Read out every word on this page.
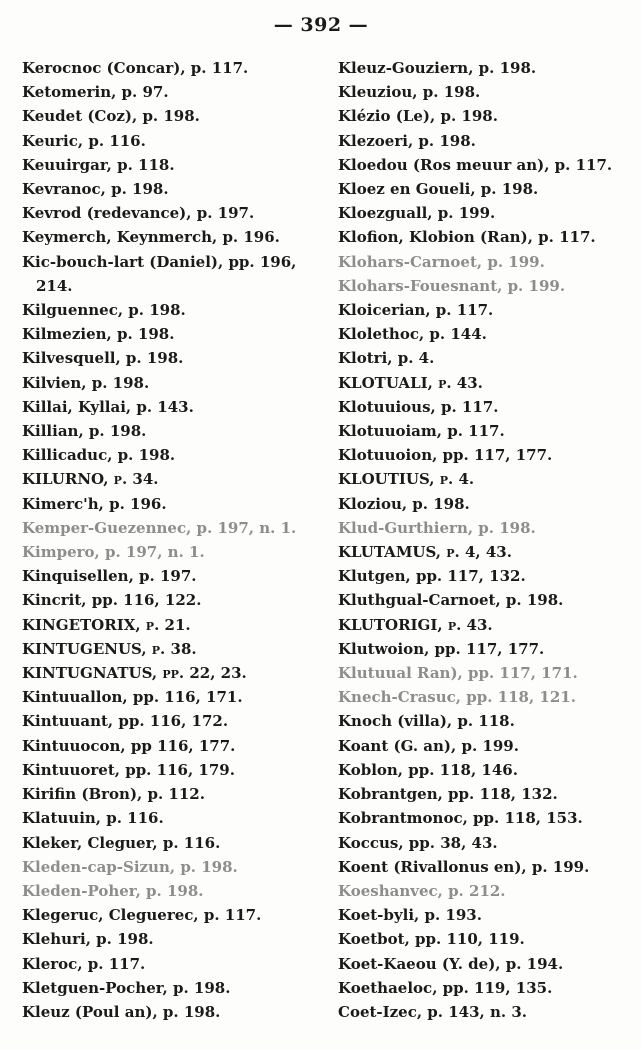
— 392 —
Kerocnoc (Concar), p. 117.
Ketomerin, p. 97.
Keudet (Coz), p. 198.
Keuric, p. 116.
Keuuirgar, p. 118.
Kevranoc, p. 198.
Kevrod (redevance), p. 197.
Keymerch, Keynmerch, p. 196.
Kic-bouch-lart (Daniel), pp. 196,
214.
Kilguennec, p. 198.
Kilmezien, p. 198.
Kilvesquell, p. 198.
Kilvien, p. 198.
Killai, Kyllai, p. 143.
Killian, p. 198.
Killicaduc, p. 198.
KILURNO, p. 34.
Kimerc'h, p. 196.
Kemper-Guezennec, p. 197, n. 1.
Kimpero, p. 197, n. 1.
Kinquisellen, p. 197.
Kincrit, pp. 116, 122.
KINGETORIX, p. 21.
KINTUGENUS, p. 38.
KINTUGNATUS, pp. 22, 23.
Kintuuallon, pp. 116, 171.
Kintuuant, pp. 116, 172.
Kintuuocon, pp 116, 177.
Kintuuoret, pp. 116, 179.
Kirifin (Bron), p. 112.
Klatuuin, p. 116.
Kleker, Cleguer, p. 116.
Kleden-cap-Sizun, p. 198.
Kleden-Poher, p. 198.
Klegeruc, Cleguerec, p. 117.
Klehuri, p. 198.
Kleroc, p. 117.
Kletguen-Pocher, p. 198.
Kleuz (Poul an), p. 198.
Kleuz-Gouziern, p. 198.
Kleuziou, p. 198.
Klézio (Le), p. 198.
Klezoeri, p. 198.
Kloedou (Ros meuur an), p. 117.
Kloez en Goueli, p. 198.
Kloezguall, p. 199.
Klofion, Klobion (Ran), p. 117.
Klohars-Carnoet, p. 199.
Klohars-Fouesnant, p. 199.
Kloicerian, p. 117.
Klolethoc, p. 144.
Klotri, p. 4.
KLOTUALI, p. 43.
Klotuuious, p. 117.
Klotuuoiam, p. 117.
Klotuuoion, pp. 117, 177.
KLOUTIUS, p. 4.
Kloziou, p. 198.
Klud-Gurthiern, p. 198.
KLUTAMUS, p. 4, 43.
Klutgen, pp. 117, 132.
Kluthgual-Carnoet, p. 198.
KLUTORIGI, p. 43.
Klutwoion, pp. 117, 177.
Klutuual Ran), pp. 117, 171.
Knech-Crasuc, pp. 118, 121.
Knoch (villa), p. 118.
Koant (G. an), p. 199.
Koblon, pp. 118, 146.
Kobrantgen, pp. 118, 132.
Kobrantmonoc, pp. 118, 153.
Koccus, pp. 38, 43.
Koent (Rivallonus en), p. 199.
Koeshanvec, p. 212.
Koet-byli, p. 193.
Koetbot, pp. 110, 119.
Koet-Kaeou (Y. de), p. 194.
Koethaeloc, pp. 119, 135.
Coet-Izec, p. 143, n. 3.
